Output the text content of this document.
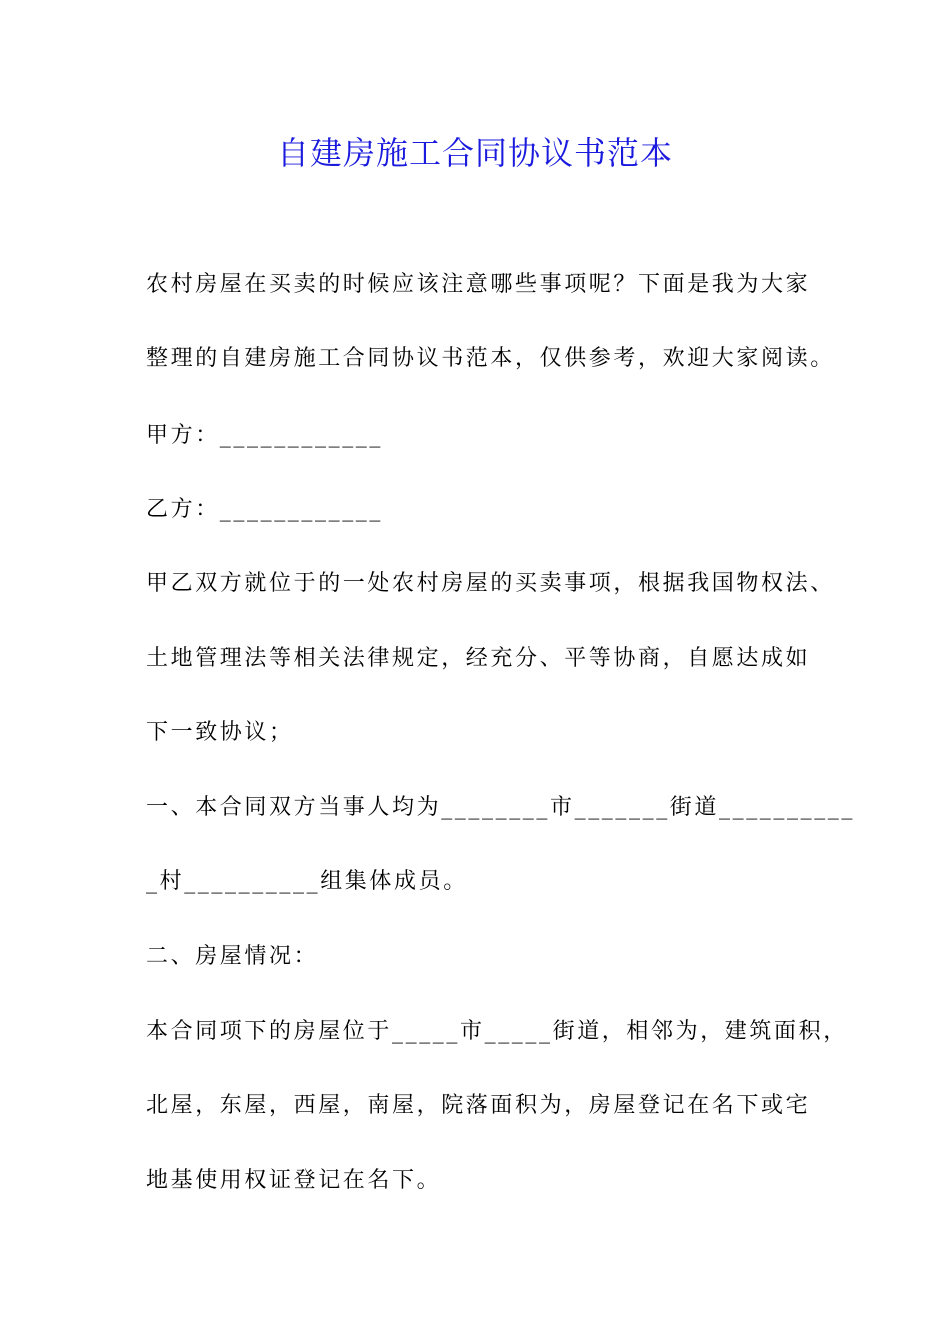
自建房施工合同协议书范本
农村房屋在买卖的时候应该注意哪些事项呢？下面是我为大家
整理的自建房施工合同协议书范本，仅供参考，欢迎大家阅读。
甲方：____________
乙方：____________
甲乙双方就位于的一处农村房屋的买卖事项，根据我国物权法、
土地管理法等相关法律规定，经充分、平等协商，自愿达成如
下一致协议；
一、本合同双方当事人均为________市_______街道__________
_村__________组集体成员。
二、房屋情况：
本合同项下的房屋位于_____市_____街道，相邻为，建筑面积，
北屋，东屋，西屋，南屋，院落面积为，房屋登记在名下或宅
地基使用权证登记在名下。
